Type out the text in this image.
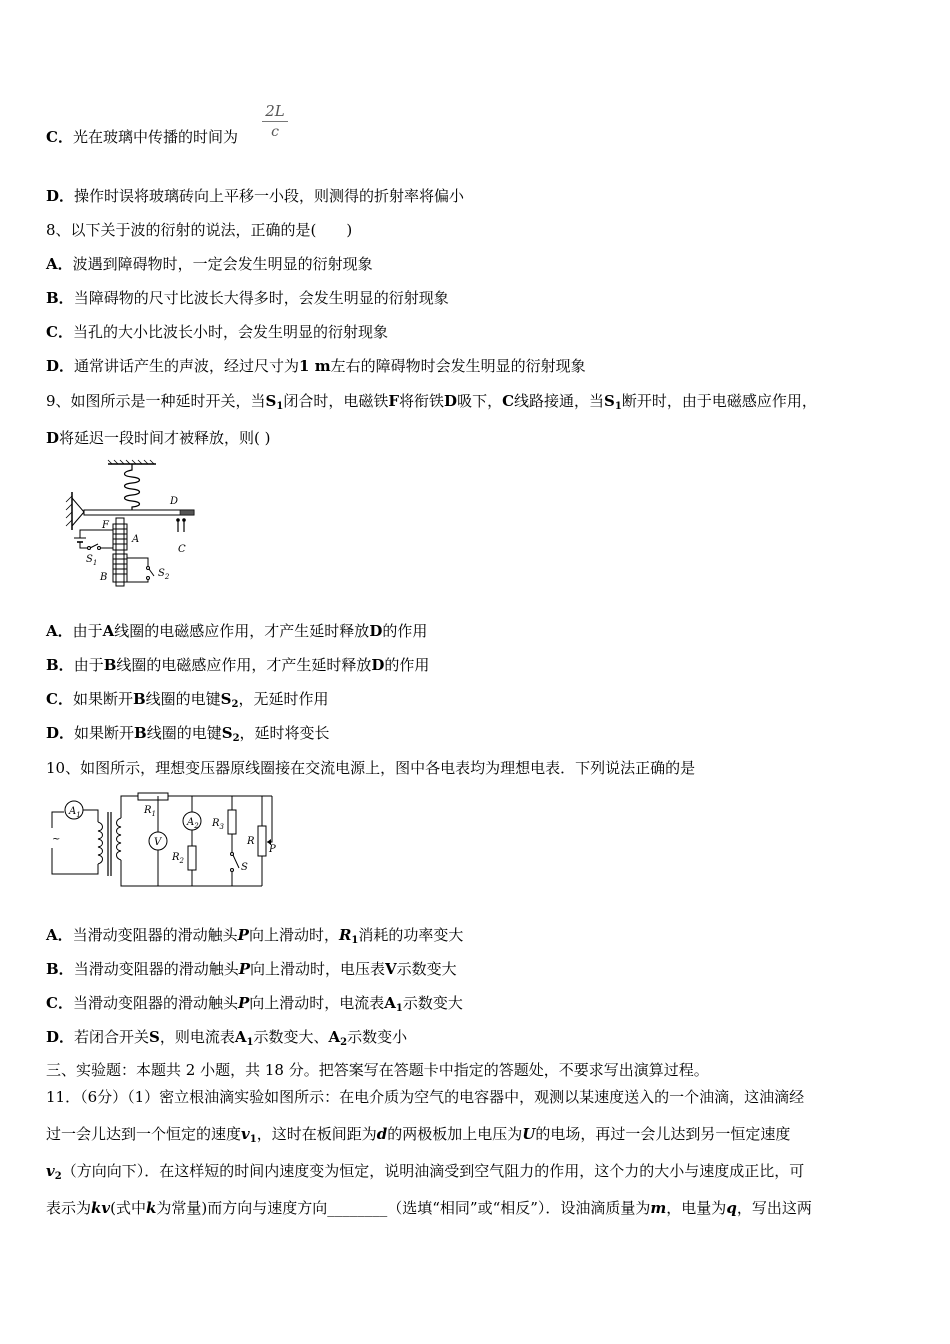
C．光在玻璃中传播的时间为
2L
c
D．操作时误将玻璃砖向上平移一小段，则测得的折射率将偏小
8、以下关于波的衍射的说法，正确的是(　　)
A．波遇到障碍物时，一定会发生明显的衍射现象
B．当障碍物的尺寸比波长大得多时，会发生明显的衍射现象
C．当孔的大小比波长小时，会发生明显的衍射现象
D．通常讲话产生的声波，经过尺寸为1 m左右的障碍物时会发生明显的衍射现象
9、如图所示是一种延时开关，当$S_1$闭合时，电磁铁F将衔铁D吸下，C线路接通，当$S_1$断开时，由于电磁感应作用，
D将延迟一段时间才被释放，则( )
D
C
A
B
F
$S_1$
$S_2$
A．由于A线圈的电磁感应作用，才产生延时释放D的作用
B．由于B线圈的电磁感应作用，才产生延时释放D的作用
C．如果断开B线圈的电键$S_2$，无延时作用
D．如果断开B线圈的电键$S_2$，延时将变长
10、如图所示，理想变压器原线圈接在交流电源上，图中各电表均为理想电表．下列说法正确的是
~
$A_1$	$R_1$
V
$A_2$
$R_2$
$R_3$
S
R
P
A．当滑动变阻器的滑动触头P向上滑动时，$R_1$消耗的功率变大
B．当滑动变阻器的滑动触头P向上滑动时，电压表V示数变大
C．当滑动变阻器的滑动触头P向上滑动时，电流表$A_1$示数变大
D．若闭合开关S，则电流表$A_1$示数变大、$A_2$示数变小
三、实验题：本题共 2 小题，共 18 分。把答案写在答题卡中指定的答题处，不要求写出演算过程。
11．（6分）（1）密立根油滴实验如图所示：在电介质为空气的电容器中，观测以某速度送入的一个油滴，这油滴经
过一会儿达到一个恒定的速度$v_1$，这时在板间距为d的两极板加上电压为U的电场，再过一会儿达到另一恒定速度
$v_2$（方向向下）．在这样短的时间内速度变为恒定，说明油滴受到空气阻力的作用，这个力的大小与速度成正比，可
表示为kv(式中k为常量)而方向与速度方向________（选填“相同”或“相反”）．设油滴质量为m，电量为q，写出这两
